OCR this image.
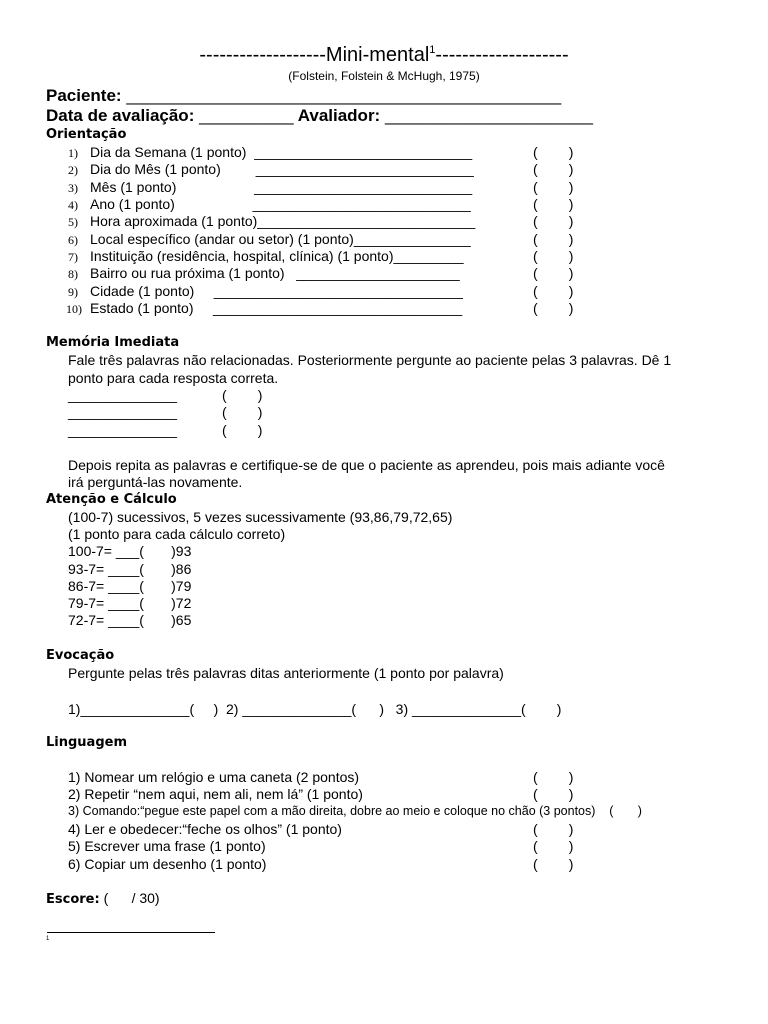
-------------------Mini-mental$^1$--------------------
(Folstein, Folstein & McHugh, 1975)
Paciente: ______________________________________________
Data de avaliação: __________ Avaliador: ______________________
Orientação
1) Dia da Semana (1 ponto)  ____________________________	(        )
2) Dia do Mês (1 ponto)         ____________________________	(        )
3) Mês (1 ponto)                    ____________________________	(        )
4) Ano (1 ponto)                    ____________________________	(        )
5) Hora aproximada (1 ponto)____________________________	(        )
6) Local específico (andar ou setor) (1 ponto)_______________	(        )
7) Instituição (residência, hospital, clínica) (1 ponto)_________	(        )
8) Bairro ou rua próxima (1 ponto)   _____________________	(        )
9) Cidade (1 ponto)     ________________________________	(        )
10) Estado (1 ponto)     ________________________________	(        )
Memória Imediata
Fale três palavras não relacionadas. Posteriormente pergunte ao paciente pelas 3 palavras. Dê 1
ponto para cada resposta correta.
______________	(        )
______________	(        )
______________	(        )
Depois repita as palavras e certifique-se de que o paciente as aprendeu, pois mais adiante você
irá perguntá-las novamente.
Atenção e Cálculo
(100-7) sucessivos, 5 vezes sucessivamente (93,86,79,72,65)
(1 ponto para cada cálculo correto)
100-7= ___(       )93
93-7= ____(       )86
86-7= ____(       )79
79-7= ____(       )72
72-7= ____(       )65
Evocação
Pergunte pelas três palavras ditas anteriormente (1 ponto por palavra)
1)______________(     )  2) ______________(      )   3) ______________(        )
Linguagem
1) Nomear um relógio e uma caneta (2 pontos)	(        )
2) Repetir “nem aqui, nem ali, nem lá” (1 ponto)	(        )
3) Comando:“pegue este papel com a mão direita, dobre ao meio e coloque no chão (3 pontos)    (       )
4) Ler e obedecer:“feche os olhos” (1 ponto)	(        )
5) Escrever uma frase (1 ponto)	(        )
6) Copiar um desenho (1 ponto)	(        )
Escore: (      / 30)
1
